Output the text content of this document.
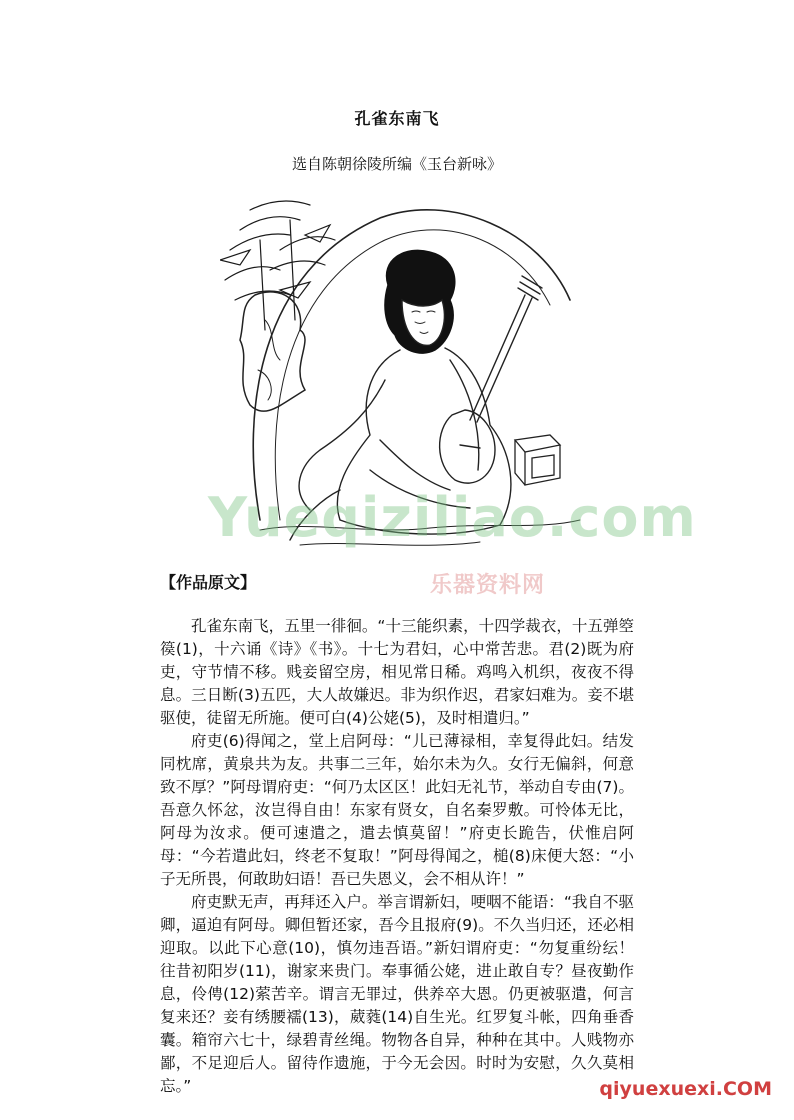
孔雀东南飞
选自陈朝徐陵所编《玉台新咏》
Yueqiziliao.com
乐器资料网
【作品原文】

孔雀东南飞，五里一徘徊。“十三能织素，十四学裁衣，十五弹箜篌(1)，十六诵《诗》《书》。十七为君妇，心中常苦悲。君(2)既为府吏，守节情不移。贱妾留空房，相见常日稀。鸡鸣入机织，夜夜不得息。三日断(3)五匹，大人故嫌迟。非为织作迟，君家妇难为。妾不堪驱使，徒留无所施。便可白(4)公姥(5)，及时相遣归。”

府吏(6)得闻之，堂上启阿母：“儿已薄禄相，幸复得此妇。结发同枕席，黄泉共为友。共事二三年，始尔未为久。女行无偏斜，何意致不厚？”阿母谓府吏：“何乃太区区！此妇无礼节，举动自专由(7)。吾意久怀忿，汝岂得自由！东家有贤女，自名秦罗敷。可怜体无比，阿母为汝求。便可速遣之，遣去慎莫留！”府吏长跪告，伏惟启阿母：“今若遣此妇，终老不复取！”阿母得闻之，槌(8)床便大怒：“小子无所畏，何敢助妇语！吾已失恩义，会不相从许！”

府吏默无声，再拜还入户。举言谓新妇，哽咽不能语：“我自不驱卿，逼迫有阿母。卿但暂还家，吾今且报府(9)。不久当归还，还必相迎取。以此下心意(10)，慎勿违吾语。”新妇谓府吏：“勿复重纷纭！往昔初阳岁(11)，谢家来贵门。奉事循公姥，进止敢自专？昼夜勤作息，伶俜(12)萦苦辛。谓言无罪过，供养卒大恩。仍更被驱遣，何言复来还？妾有绣腰襦(13)，葳蕤(14)自生光。红罗复斗帐，四角垂香囊。箱帘六七十，绿碧青丝绳。物物各自异，种种在其中。人贱物亦鄙，不足迎后人。留待作遗施，于今无会因。时时为安慰，久久莫相忘。”	qiyuexuexi.COM
